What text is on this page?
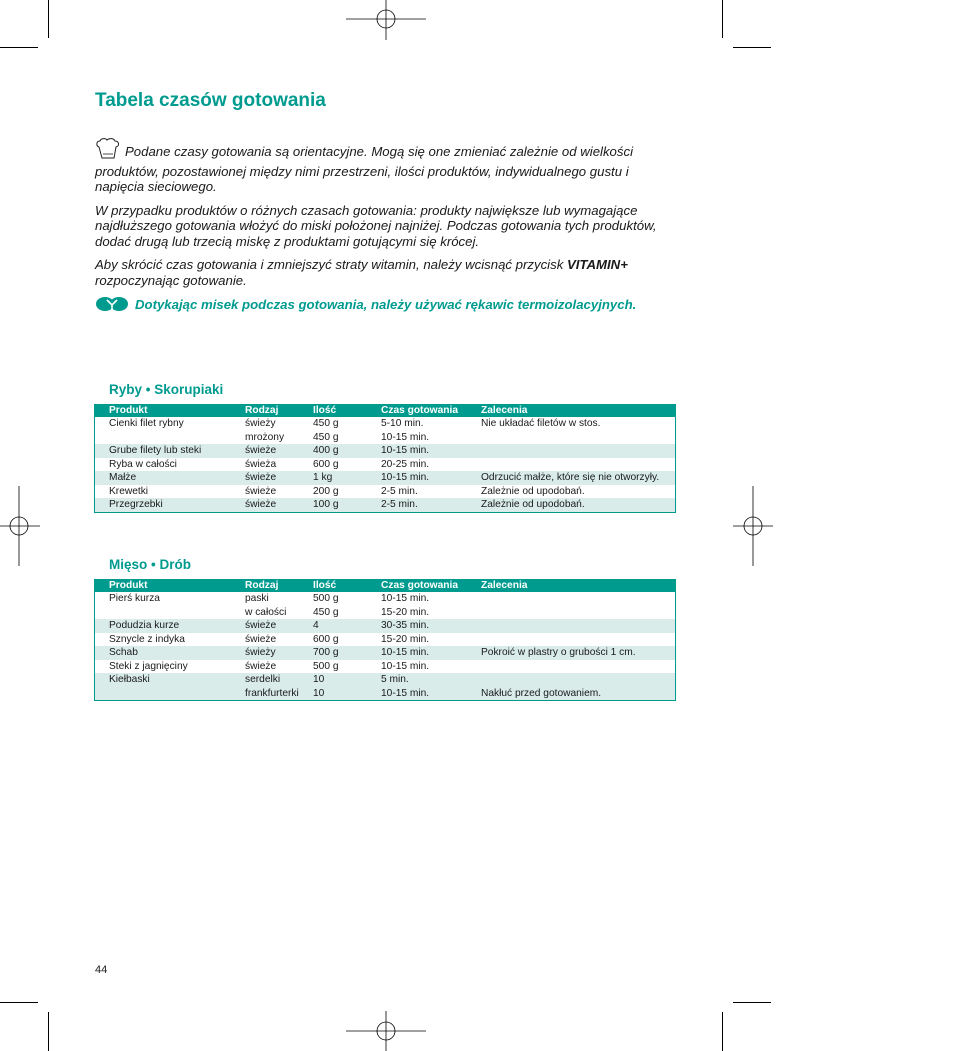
Tabela czasów gotowania

Podane czasy gotowania są orientacyjne. Mogą się one zmieniać zależnie od wielkości produktów, pozostawionej między nimi przestrzeni, ilości produktów, indywidualnego gustu i napięcia sieciowego.

W przypadku produktów o różnych czasach gotowania: produkty największe lub wymagające najdłuższego gotowania włożyć do miski położonej najniżej. Podczas gotowania tych produktów, dodać drugą lub trzecią miskę z produktami gotującymi się krócej.

Aby skrócić czas gotowania i zmniejszyć straty witamin, należy wcisnąć przycisk VITAMIN+ rozpoczynając gotowanie.

Dotykając misek podczas gotowania, należy używać rękawic termoizolacyjnych.

Ryby • Skorupiaki
Produkt	Rodzaj	Ilość	Czas gotowania	Zalecenia
Cienki filet rybny	świeży	450 g	5-10 min.	Nie układać filetów w stos.
	mrożony	450 g	10-15 min.	
Grube filety lub steki	świeże	400 g	10-15 min.	
Ryba w całości	świeża	600 g	20-25 min.	
Małże	świeże	1 kg	10-15 min.	Odrzucić małże, które się nie otworzyły.
Krewetki	świeże	200 g	2-5 min.	Zależnie od upodobań.
Przegrzebki	świeże	100 g	2-5 min.	Zależnie od upodobań.
Mięso • Drób
Produkt	Rodzaj	Ilość	Czas gotowania	Zalecenia
Pierś kurza	paski	500 g	10-15 min.	
	w całości	450 g	15-20 min.	
Podudzia kurze	świeże	4	30-35 min.	
Sznycle z indyka	świeże	600 g	15-20 min.	
Schab	świeży	700 g	10-15 min.	Pokroić w plastry o grubości 1 cm.
Steki z jagnięciny	świeże	500 g	10-15 min.	
Kiełbaski	serdelki	10	5 min.	
	frankfurterki	10	10-15 min.	Nakłuć przed gotowaniem.
44
